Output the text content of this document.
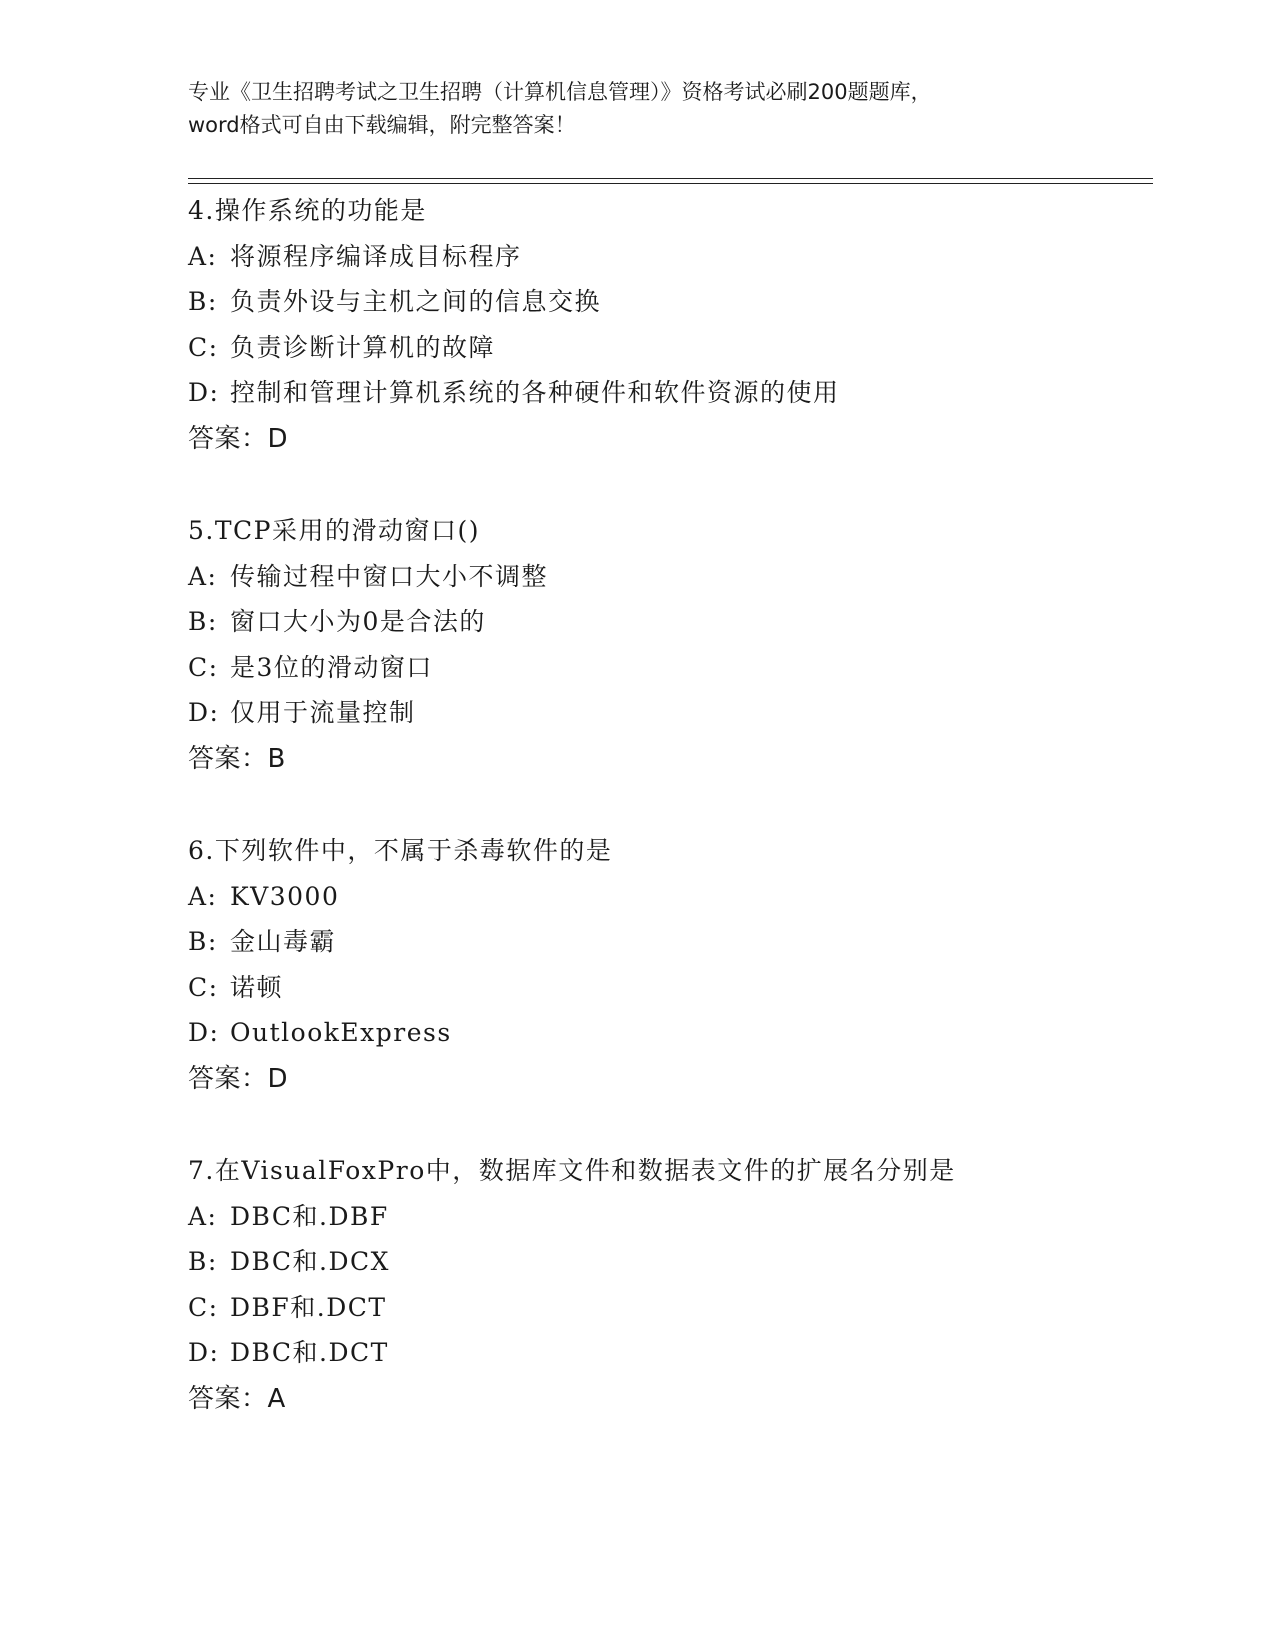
专业《卫生招聘考试之卫生招聘（计算机信息管理）》资格考试必刷200题题库，
word格式可自由下载编辑，附完整答案！
4.操作系统的功能是
A: 将源程序编译成目标程序
B: 负责外设与主机之间的信息交换
C: 负责诊断计算机的故障
D: 控制和管理计算机系统的各种硬件和软件资源的使用
答案：D
5.TCP采用的滑动窗口()
A: 传输过程中窗口大小不调整
B: 窗口大小为0是合法的
C: 是3位的滑动窗口
D: 仅用于流量控制
答案：B
6.下列软件中，不属于杀毒软件的是
A: KV3000
B: 金山毒霸
C: 诺顿
D: OutlookExpress
答案：D
7.在VisualFoxPro中，数据库文件和数据表文件的扩展名分别是
A: DBC和.DBF
B: DBC和.DCX
C: DBF和.DCT
D: DBC和.DCT
答案：A
